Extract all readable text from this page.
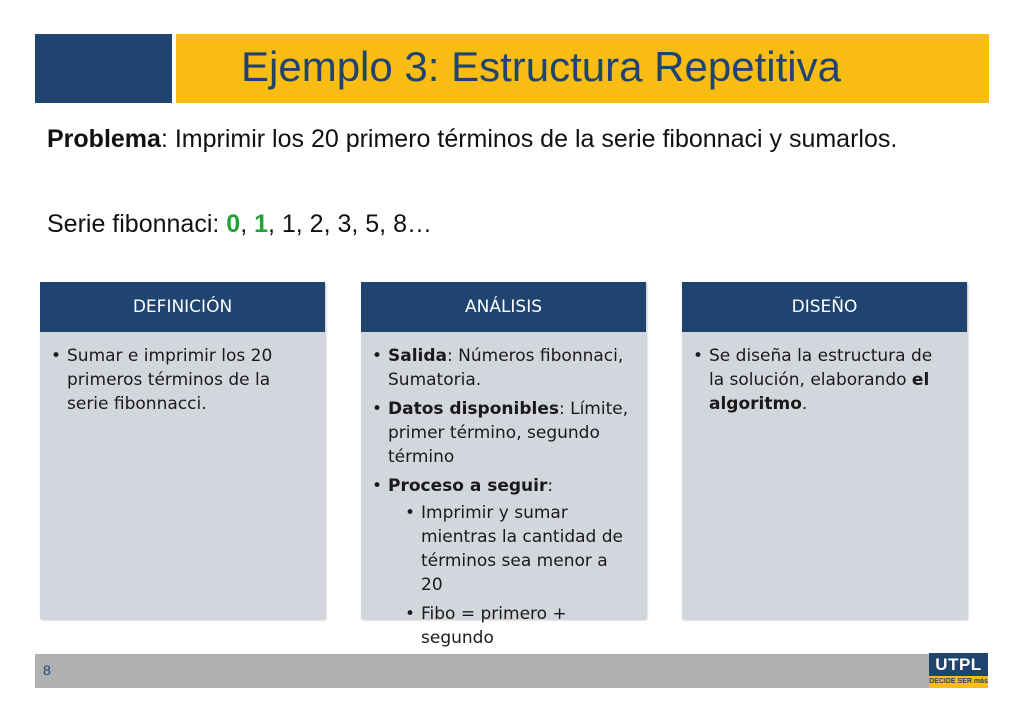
Ejemplo 3: Estructura Repetitiva
Problema: Imprimir los 20 primero términos de la serie fibonnaci y sumarlos.
Serie fibonnaci: 0, 1, 1, 2, 3, 5, 8…
DEFINICIÓN
• Sumar e imprimir los 20 primeros términos de la serie fibonnacci.
ANÁLISIS
• Salida: Números fibonnaci, Sumatoria.
• Datos disponibles: Límite, primer término, segundo término
• Proceso a seguir:
• Imprimir y sumar mientras la cantidad de términos sea menor a 20
• Fibo = primero + segundo
DISEÑO
• Se diseña la estructura de la solución, elaborando el algoritmo.
8	UTPL
DECIDE SER más
